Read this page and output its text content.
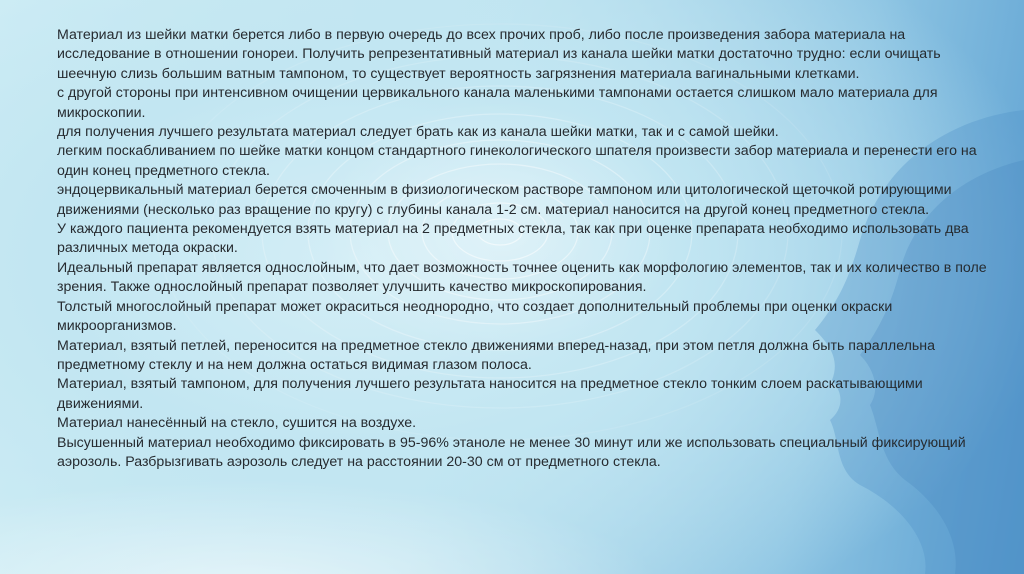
Материал из шейки матки берется либо в первую очередь до всех прочих проб, либо после произведения забора материала на исследование в отношении гонореи. Получить репрезентативный материал из канала шейки матки достаточно трудно: если очищать шеечную слизь большим ватным тампоном, то существует вероятность загрязнения материала вагинальными клетками.

с другой стороны при интенсивном очищении цервикального канала маленькими тампонами остается слишком мало материала для микроскопии.

для получения лучшего результата материал следует брать как из канала шейки матки, так и с самой шейки.

легким поскабливанием по шейке матки концом стандартного гинекологического шпателя произвести забор материала и перенести его на один конец предметного стекла.

эндоцервикальный материал берется смоченным в физиологическом растворе тампоном или цитологической щеточкой ротирующими движениями (несколько раз вращение по кругу) с глубины канала 1-2 см. материал наносится на другой конец предметного стекла.

У каждого пациента рекомендуется взять материал на 2 предметных стекла, так как при оценке препарата необходимо использовать два различных метода окраски.

Идеальный препарат является однослойным, что дает возможность точнее оценить как морфологию элементов, так и их количество в поле зрения. Также однослойный препарат позволяет улучшить качество микроскопирования.

Толстый многослойный препарат может окраситься неоднородно, что создает дополнительный проблемы при оценки окраски микроорганизмов.

Материал, взятый петлей, переносится на предметное стекло движениями вперед-назад, при этом петля должна быть параллельна предметному стеклу и на нем должна остаться видимая глазом полоса.

Материал, взятый тампоном, для получения лучшего результата наносится на предметное стекло тонким слоем раскатывающими движениями.

Материал нанесённый на стекло, сушится на воздухе.

Высушенный материал необходимо фиксировать в 95-96% этаноле не менее 30 минут или же использовать специальный фиксирующий аэрозоль. Разбрызгивать аэрозоль следует на расстоянии 20-30 см от предметного стекла.
